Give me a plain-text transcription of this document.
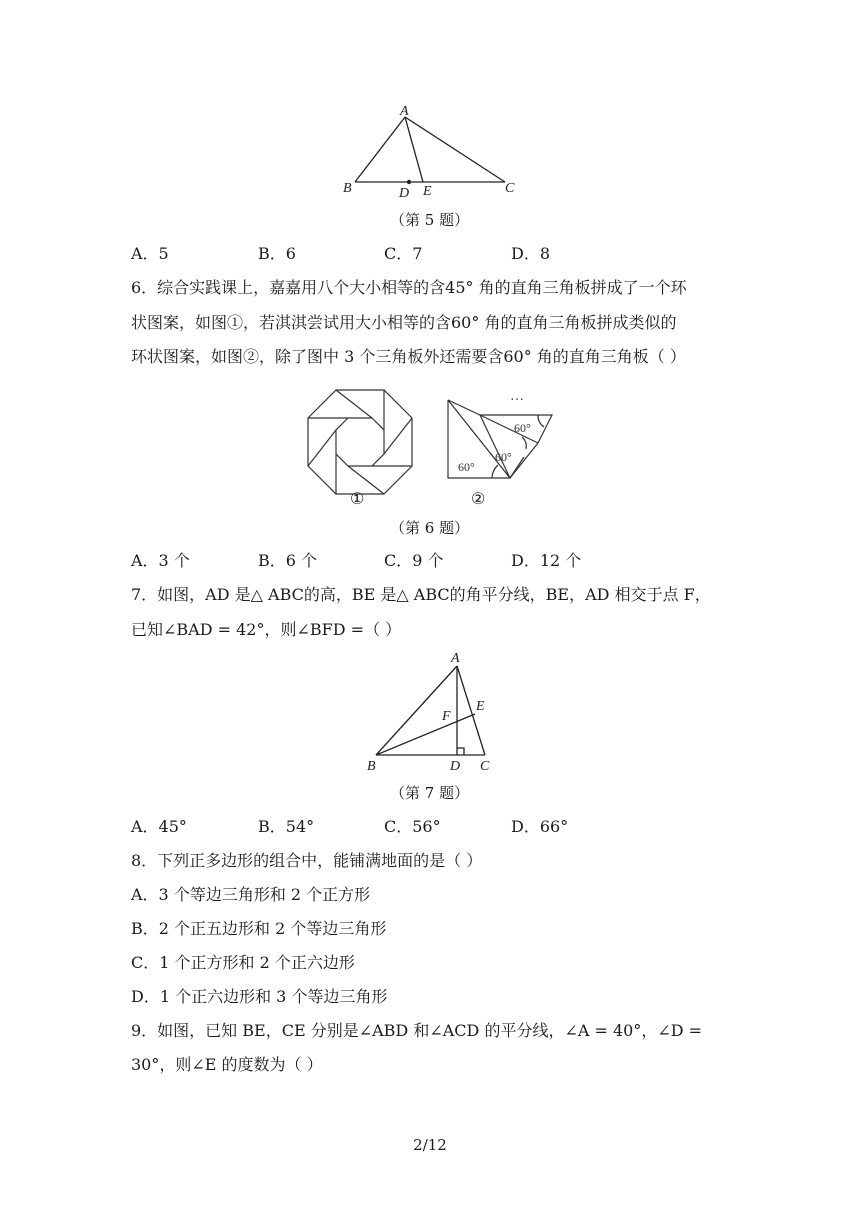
A
B	D E	C
（第 5 题）
A．5	B．6	C．7	D．8
6．综合实践课上，嘉嘉用八个大小相等的含45° 角的直角三角板拼成了一个环
状图案，如图①，若淇淇尝试用大小相等的含60° 角的直角三角板拼成类似的
环状图案，如图②，除了图中 3 个三角板外还需要含60° 角的直角三角板（ ）
①
…
60°
60°
60°
②
（第 6 题）
A．3 个	B．6 个	C．9 个	D．12 个
7．如图，AD 是△ ABC的高，BE 是△ ABC的角平分线，BE，AD 相交于点 F，
已知∠BAD = 42°，则∠BFD =（ ）
A
E
F
B	D C
（第 7 题）
A．45°	B．54°	C．56°	D．66°
8．下列正多边形的组合中，能铺满地面的是（ ）
A．3 个等边三角形和 2 个正方形
B．2 个正五边形和 2 个等边三角形
C．1 个正方形和 2 个正六边形
D．1 个正六边形和 3 个等边三角形
9．如图，已知 BE，CE 分别是∠ABD 和∠ACD 的平分线，∠A = 40°，∠D =
30°，则∠E 的度数为（ ）
2/12
